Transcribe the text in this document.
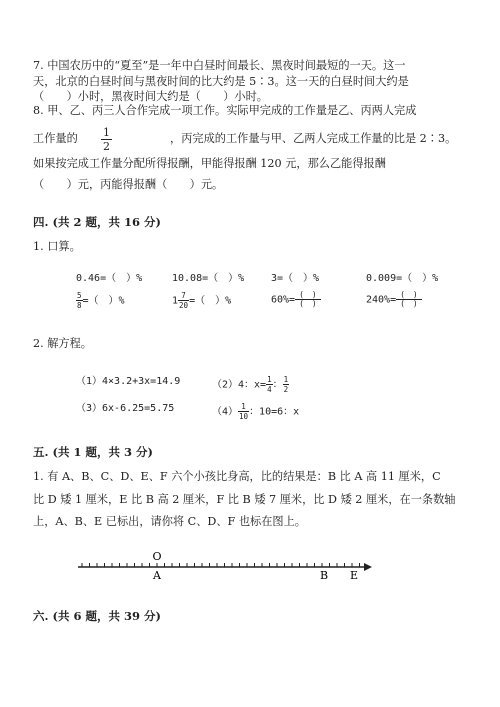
7. 中国农历中的“夏至”是一年中白昼时间最长、黑夜时间最短的一天。这一
天，北京的白昼时间与黑夜时间的比大约是 5∶3。这一天的白昼时间大约是
（　　）小时，黑夜时间大约是（　　）小时。
8. 甲、乙、丙三人合作完成一项工作。实际甲完成的工作量是乙、丙两人完成
工作量的 $\frac{1}{2}$	，丙完成的工作量与甲、乙两人完成工作量的比是 2∶3。
如果按完成工作量分配所得报酬，甲能得报酬 120 元，那么乙能得报酬
（　　）元，丙能得报酬（　　）元。
四. (共 2 题，共 16 分)
1. 口算。
0.46=（　）%	10.08=（　）%	3=（　）%	0.009=（　）%
$\frac{5}{8}$ =（　）%	$1 \frac{7}{20}$ =（　）%	$60\%= \frac{( )}{( )}$	$240\%= \frac{( )}{( )}$
2. 解方程。
（1）4×3.2+3x=14.9	（2）4：$x= \frac{1}{4}$ ： $\frac{1}{2}$
（3）6x-6.25=5.75	$(4) \frac{1}{10}$ ：10=6：x
五. (共 1 题，共 3 分)
1. 有 A、B、C、D、E、F 六个小孩比身高，比的结果是：B 比 A 高 11 厘米，C
比 D 矮 1 厘米，E 比 B 高 2 厘米，F 比 B 矮 7 厘米，比 D 矮 2 厘米，在一条数轴
上，A、B、E 已标出，请你将 C、D、F 也标在图上。
O
A	B E
六. (共 6 题，共 39 分)
